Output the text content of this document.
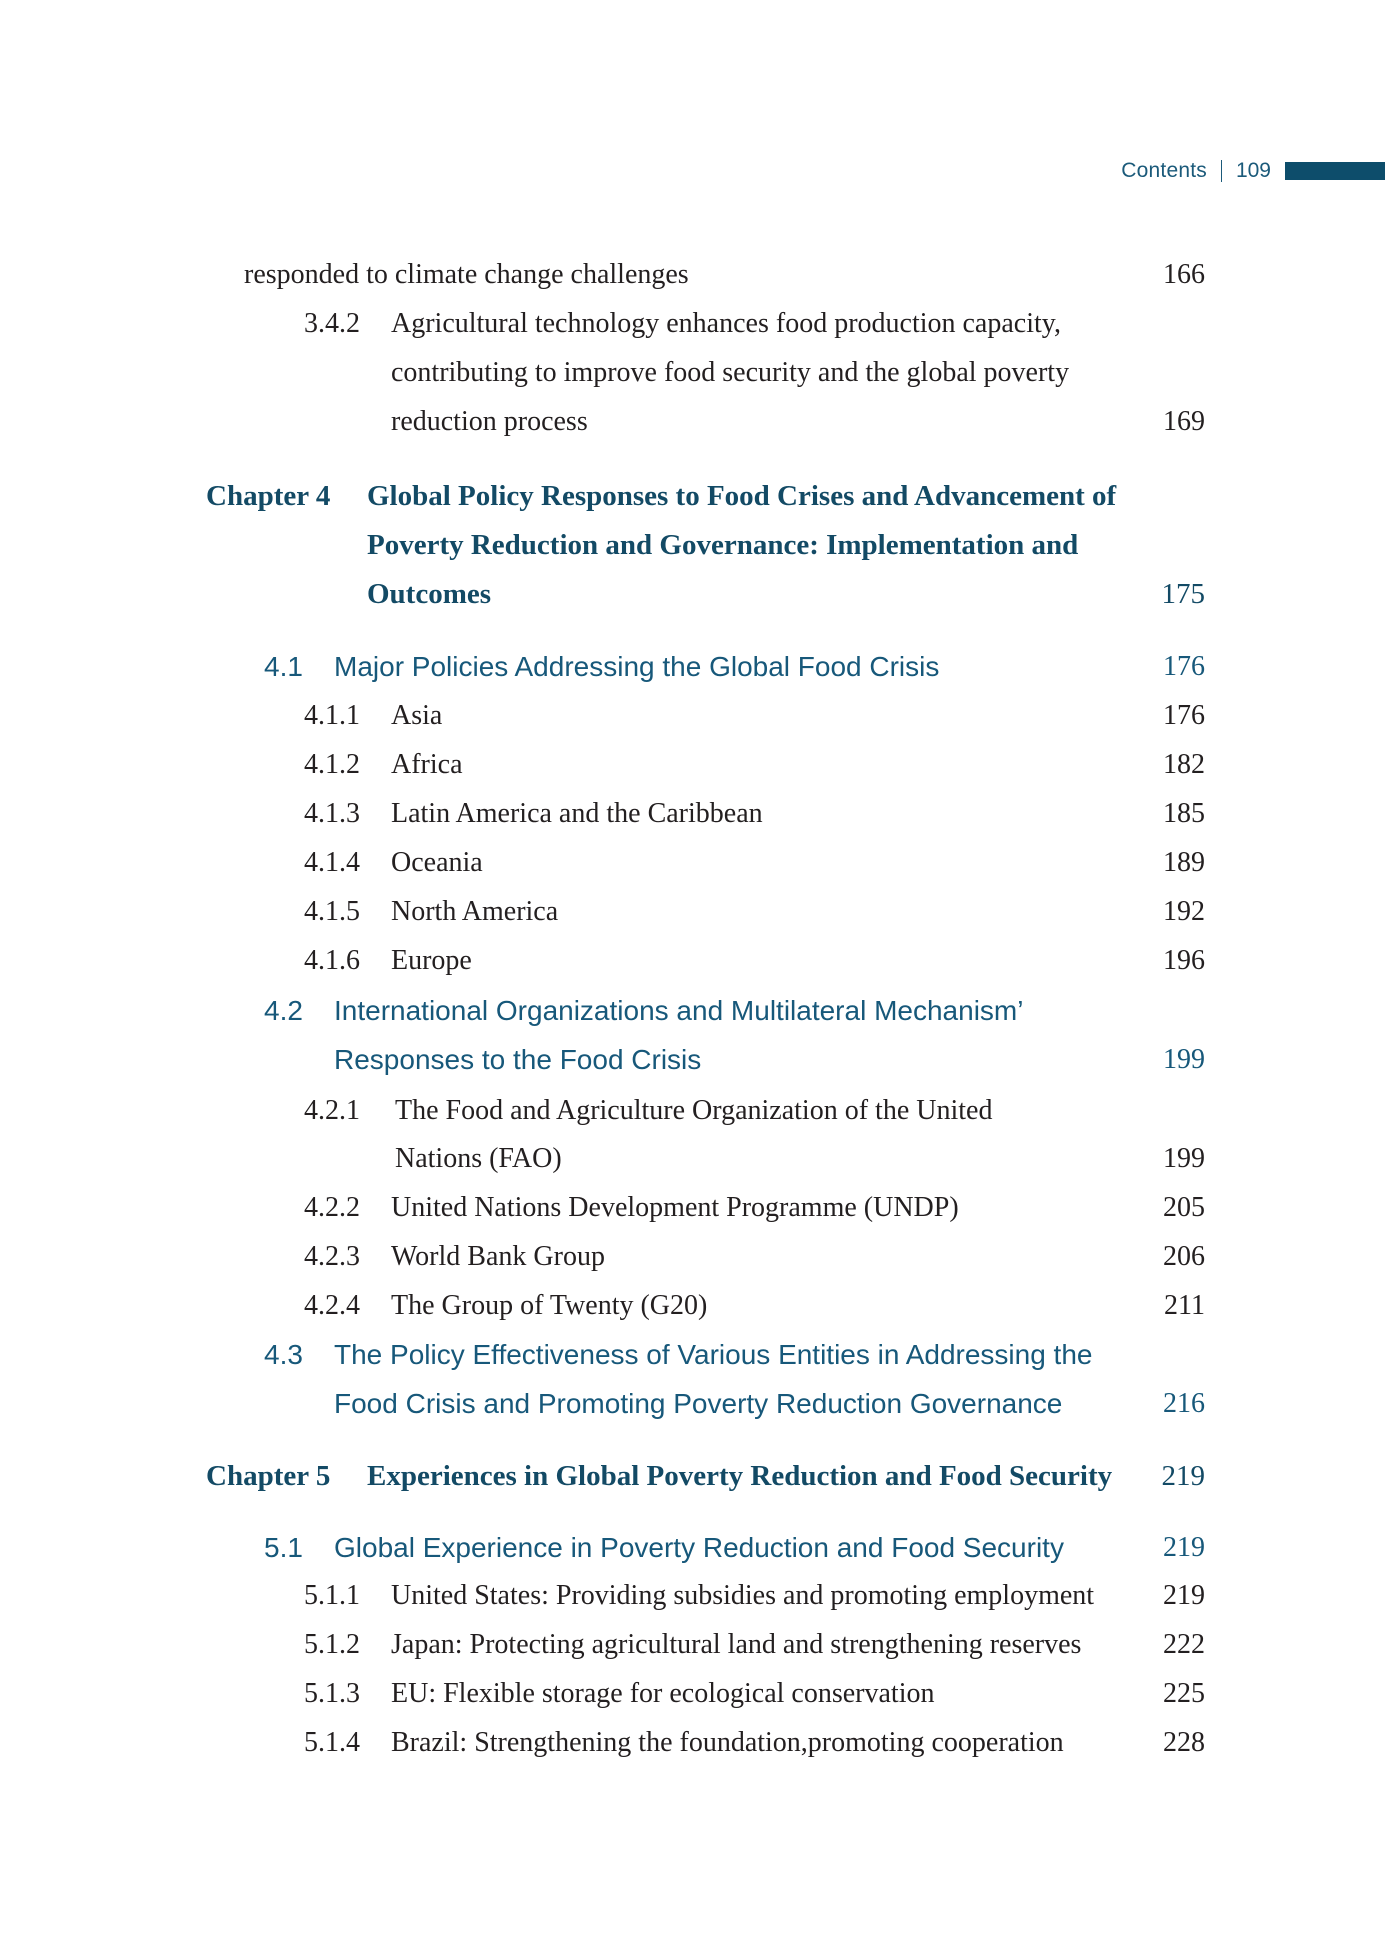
Contents 109
responded to climate change challenges	166
3.4.2 Agricultural technology enhances food production capacity,
contributing to improve food security and the global poverty
reduction process	169
Chapter 4 Global Policy Responses to Food Crises and Advancement of
Poverty Reduction and Governance: Implementation and
Outcomes	175
4.1 Major Policies Addressing the Global Food Crisis	176
4.1.1 Asia	176
4.1.2 Africa	182
4.1.3 Latin America and the Caribbean	185
4.1.4 Oceania	189
4.1.5 North America	192
4.1.6 Europe	196
4.2 International Organizations and Multilateral Mechanism’
Responses to the Food Crisis	199
4.2.1 The Food and Agriculture Organization of the United
Nations (FAO)	199
4.2.2 United Nations Development Programme (UNDP)	205
4.2.3 World Bank Group	206
4.2.4 The Group of Twenty (G20)	211
4.3 The Policy Effectiveness of Various Entities in Addressing the
Food Crisis and Promoting Poverty Reduction Governance	216
Chapter 5 Experiences in Global Poverty Reduction and Food Security 219
5.1 Global Experience in Poverty Reduction and Food Security	219
5.1.1 United States: Providing subsidies and promoting employment 219
5.1.2 Japan: Protecting agricultural land and strengthening reserves	222
5.1.3 EU: Flexible storage for ecological conservation	225
5.1.4 Brazil: Strengthening the foundation,promoting cooperation	228
